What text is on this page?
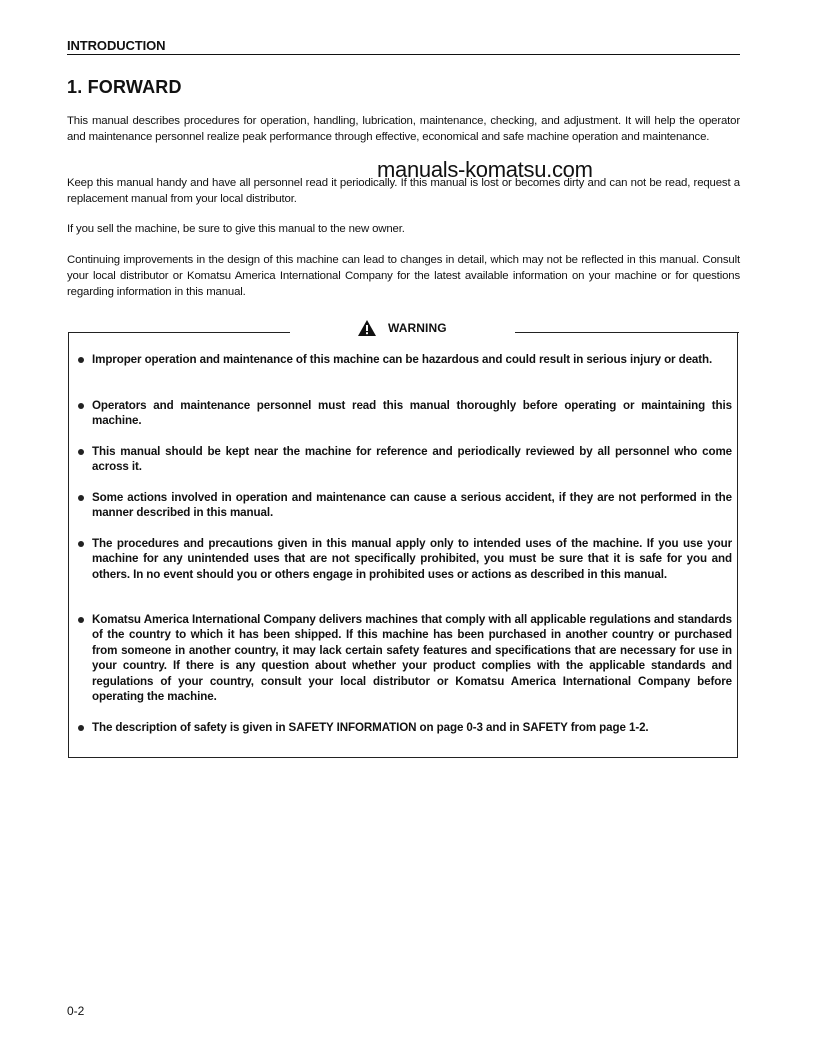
INTRODUCTION
1. FORWARD

This manual describes procedures for operation, handling, lubrication, maintenance, checking, and adjustment. It will help the operator and maintenance personnel realize peak performance through effective, economical and safe machine operation and maintenance.

Keep this manual handy and have all personnel read it periodically. If this manual is lost or becomes dirty and can not be read, request a replacement manual from your local distributor.

If you sell the machine, be sure to give this manual to the new owner.

Continuing improvements in the design of this machine can lead to changes in detail, which may not be reflected in this manual. Consult your local distributor or Komatsu America International Company for the latest available information on your machine or for questions regarding information in this manual.

manuals-komatsu.com
WARNING
Improper operation and maintenance of this machine can be hazardous and could result in serious injury or death.
Operators and maintenance personnel must read this manual thoroughly before operating or maintaining this machine.
This manual should be kept near the machine for reference and periodically reviewed by all personnel who come across it.
Some actions involved in operation and maintenance can cause a serious accident, if they are not performed in the manner described in this manual.
The procedures and precautions given in this manual apply only to intended uses of the machine. If you use your machine for any unintended uses that are not specifically prohibited, you must be sure that it is safe for you and others. In no event should you or others engage in prohibited uses or actions as described in this manual.
Komatsu America International Company delivers machines that comply with all applicable regulations and standards of the country to which it has been shipped. If this machine has been purchased in another country or purchased from someone in another country, it may lack certain safety features and specifications that are necessary for use in your country. If there is any question about whether your product complies with the applicable standards and regulations of your country, consult your local distributor or Komatsu America International Company before operating the machine.
The description of safety is given in SAFETY INFORMATION on page 0-3 and in SAFETY from page 1-2.
0-2
